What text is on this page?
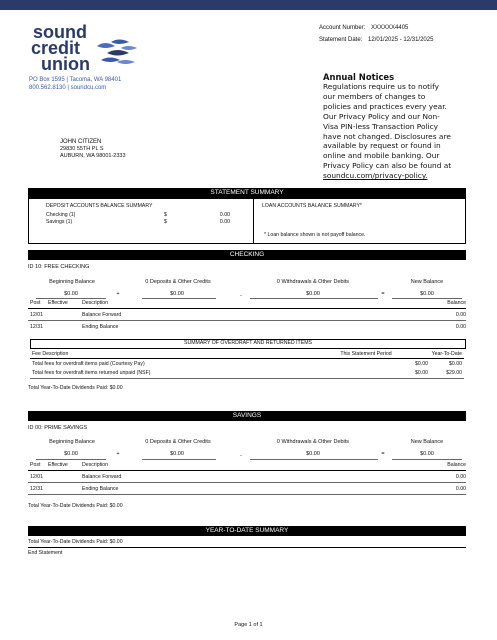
sound
credit
union
PO Box 1595 | Tacoma, WA 98401
800.562.8130 | soundcu.com
Account Number: XXXXXX4405
Statement Date: 12/01/2025 - 12/31/2025
Annual Notices
Regulations require us to notify
our members of changes to
policies and practices every year.
Our Privacy Policy and our Non-
Visa PIN-less Transaction Policy
have not changed. Disclosures are
available by request or found in
online and mobile banking. Our
Privacy Policy can also be found at
soundcu.com/privacy-policy.
JOHN CITIZEN
29830 55TH PL S
AUBURN, WA 98001-2333
STATEMENT SUMMARY
DEPOSIT ACCOUNTS BALANCE SUMMARY
Checking (1)	$	0.00
Savings (1)	$	0.00
LOAN ACCOUNTS BALANCE SUMMARY*
* Loan balance shown is not payoff balance.
CHECKING
ID 10: FREE CHECKING
Beginning Balance	0 Deposits & Other Credits	0 Withdrawals & Other Debits	New Balance
$0.00	+	$0.00	-	$0.00	=	$0.00
Post Effective	Description	Balance
12/01	Balance Forward	0.00
12/31	Ending Balance	0.00
SUMMARY OF OVERDRAFT AND RETURNED ITEMS
Fee Description	This Statement Period	Year-To-Date
Total fees for overdraft items paid (Courtesy Pay)	$0.00	$0.00
Total fees for overdraft items returned unpaid (NSF)	$0.00	$29.00
Total Year-To-Date Dividends Paid: $0.00
SAVINGS
ID 00: PRIME SAVINGS
Beginning Balance	0 Deposits & Other Credits	0 Withdrawals & Other Debits	New Balance
$0.00	+	$0.00	-	$0.00	=	$0.00
Post Effective	Description	Balance
12/01	Balance Forward	0.00
12/31	Ending Balance	0.00
Total Year-To-Date Dividends Paid: $0.00
YEAR-TO-DATE SUMMARY
Total Year-To-Date Dividends Paid: $0.00
End Statement
Page 1 of 1
